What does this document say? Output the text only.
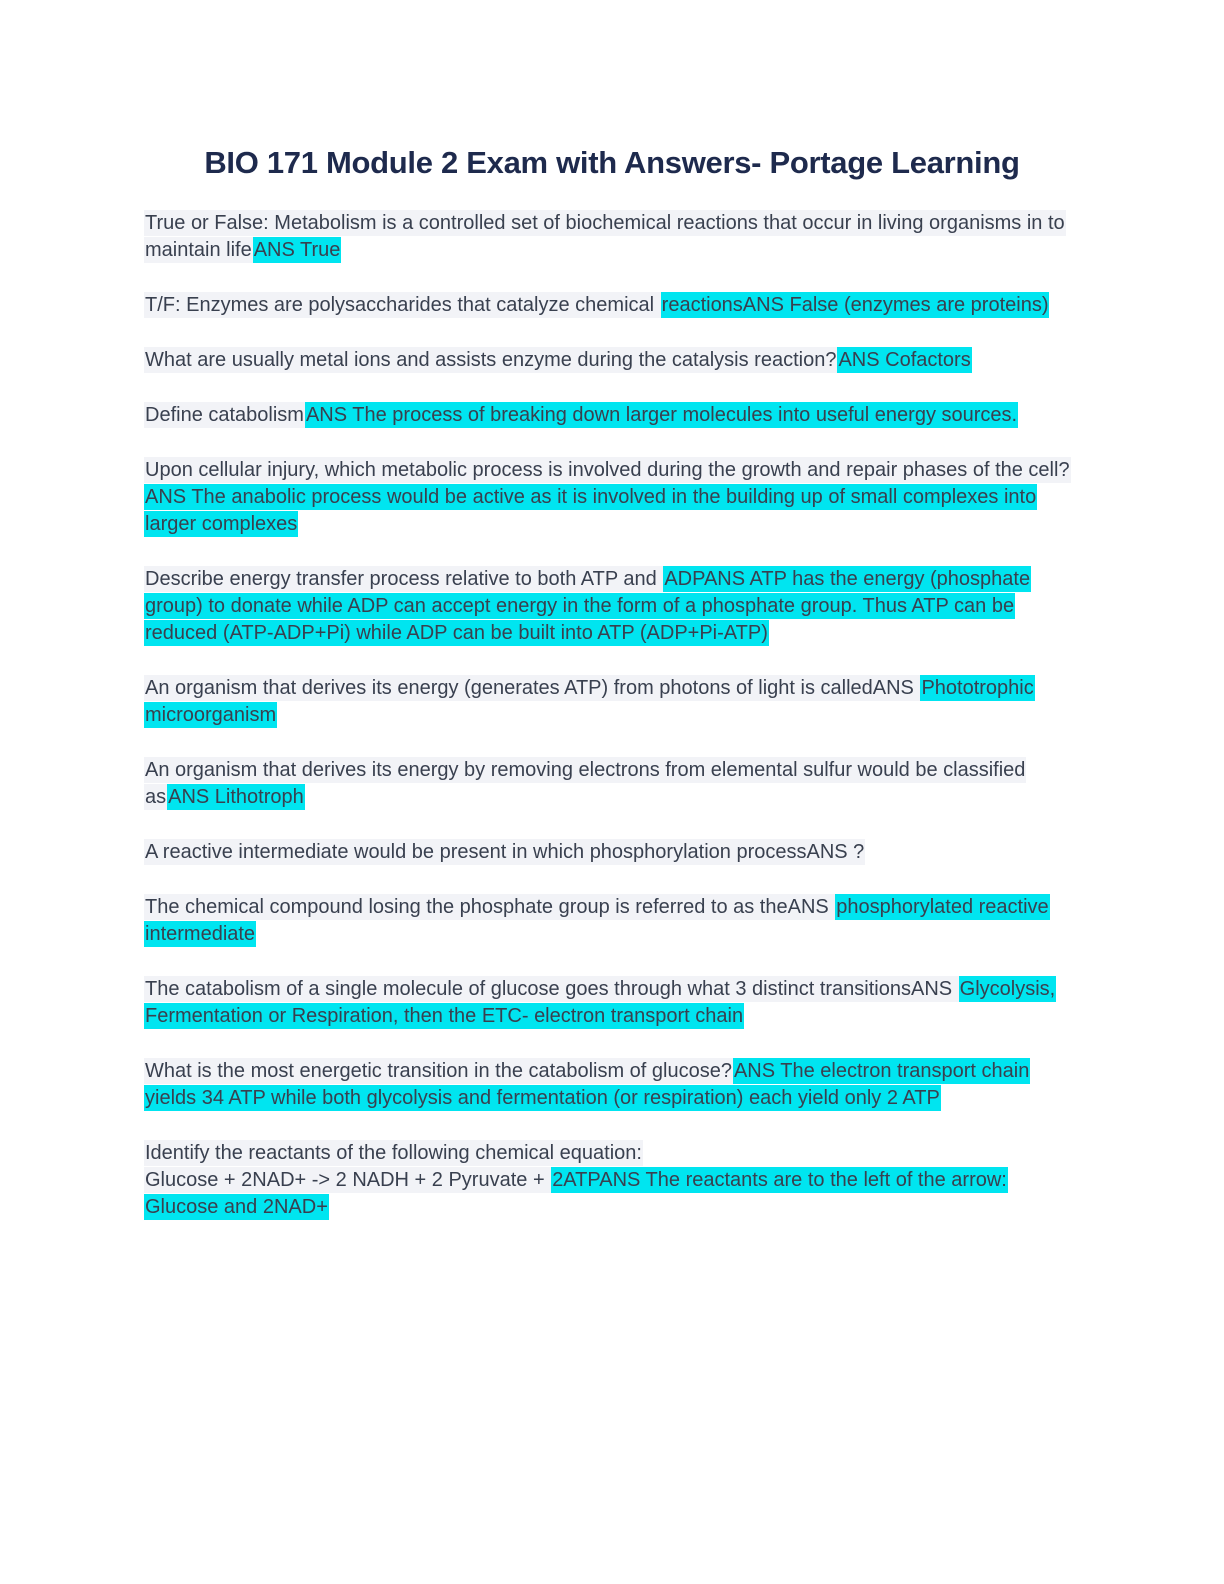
BIO 171 Module 2 Exam with Answers- Portage Learning

True or False: Metabolism is a controlled set of biochemical reactions that occur in living organisms in to maintain life ANS True

T/F: Enzymes are polysaccharides that catalyze chemical reactionsANS False (enzymes are proteins)

What are usually metal ions and assists enzyme during the catalysis reaction? ANS Cofactors

Define catabolism ANS The process of breaking down larger molecules into useful energy sources.

Upon cellular injury, which metabolic process is involved during the growth and repair phases of the cell?ANS The anabolic process would be active as it is involved in the building up of small complexes into larger complexes

Describe energy transfer process relative to both ATP and ADPANS ATP has the energy (phosphate group) to donate while ADP can accept energy in the form of a phosphate group. Thus ATP can be reduced (ATP-ADP+Pi) while ADP can be built into ATP (ADP+Pi-ATP)

An organism that derives its energy (generates ATP) from photons of light is calledANS Phototrophic microorganism

An organism that derives its energy by removing electrons from elemental sulfur would be classified as ANS Lithotroph

A reactive intermediate would be present in which phosphorylation processANS ?

The chemical compound losing the phosphate group is referred to as theANS phosphorylated reactive intermediate

The catabolism of a single molecule of glucose goes through what 3 distinct transitionsANS Glycolysis, Fermentation or Respiration, then the ETC- electron transport chain

What is the most energetic transition in the catabolism of glucose? ANS The electron transport chain yields 34 ATP while both glycolysis and fermentation (or respiration) each yield only 2 ATP

Identify the reactants of the following chemical equation:
Glucose + 2NAD+ -> 2 NADH + 2 Pyruvate + 2ATPANS The reactants are to the left of the arrow: Glucose and 2NAD+
